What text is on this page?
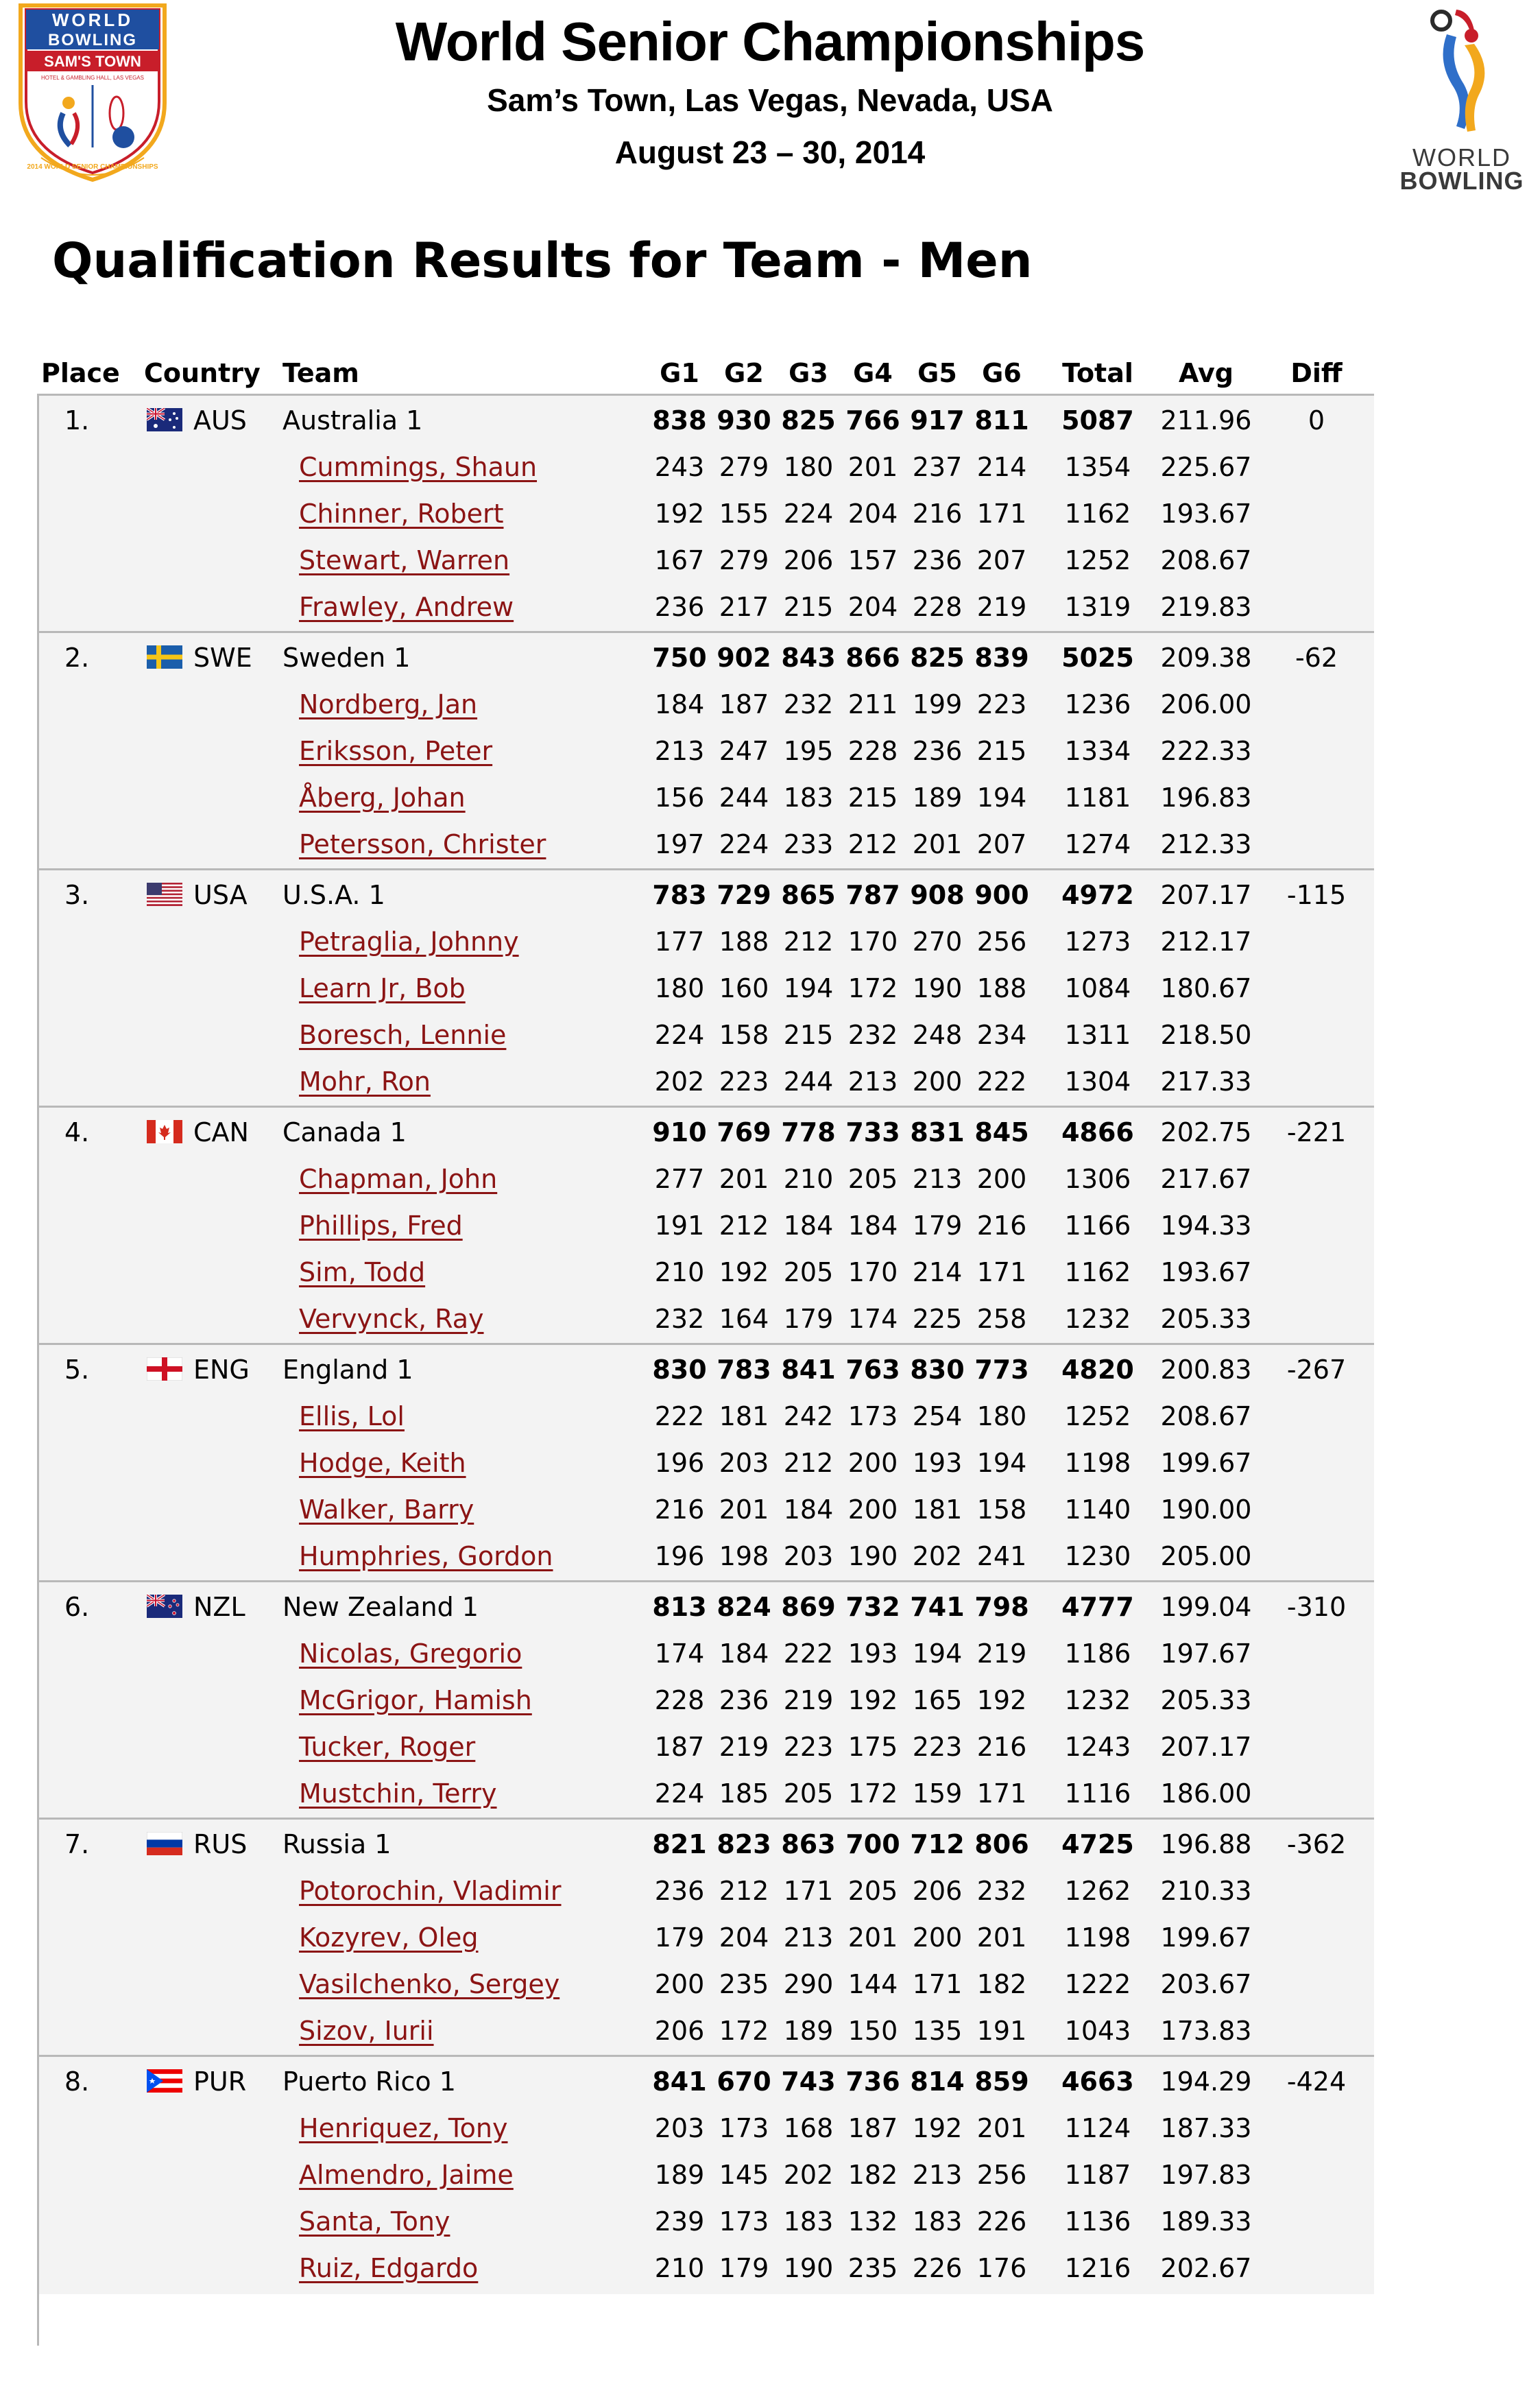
WORLD
BOWLING
SAM'S TOWN
HOTEL & GAMBLING HALL, LAS VEGAS
2014 WORLD SENIOR CHAMPIONSHIPS
World Senior Championships
Sam’s Town, Las Vegas, Nevada, USA
August 23 – 30, 2014	WORLD
BOWLING
Qualification Results for Team - Men
Place Country Team	G1 G2 G3 G4 G5 G6	Total	Avg	Diff
1.	AUS Australia 1	838 930 825 766 917 811	5087	211.96	0
Cummings, Shaun	243 279 180 201 237 214	1354	225.67
Chinner, Robert	192 155 224 204 216 171	1162	193.67
Stewart, Warren	167 279 206 157 236 207	1252	208.67
Frawley, Andrew	236 217 215 204 228 219	1319	219.83
2.	SWE Sweden 1	750 902 843 866 825 839	5025	209.38	-62
Nordberg, Jan	184 187 232 211 199 223	1236	206.00
Eriksson, Peter	213 247 195 228 236 215	1334	222.33
Åberg, Johan	156 244 183 215 189 194	1181	196.83
Petersson, Christer	197 224 233 212 201 207	1274	212.33
3.	USA U.S.A. 1	783 729 865 787 908 900	4972	207.17	-115
Petraglia, Johnny	177 188 212 170 270 256	1273	212.17
Learn Jr, Bob	180 160 194 172 190 188	1084	180.67
Boresch, Lennie	224 158 215 232 248 234	1311	218.50
Mohr, Ron	202 223 244 213 200 222	1304	217.33
4.	CAN Canada 1	910 769 778 733 831 845	4866	202.75	-221
Chapman, John	277 201 210 205 213 200	1306	217.67
Phillips, Fred	191 212 184 184 179 216	1166	194.33
Sim, Todd	210 192 205 170 214 171	1162	193.67
Vervynck, Ray	232 164 179 174 225 258	1232	205.33
5.	ENG England 1	830 783 841 763 830 773	4820	200.83	-267
Ellis, Lol	222 181 242 173 254 180	1252	208.67
Hodge, Keith	196 203 212 200 193 194	1198	199.67
Walker, Barry	216 201 184 200 181 158	1140	190.00
Humphries, Gordon	196 198 203 190 202 241	1230	205.00
6.	NZL New Zealand 1	813 824 869 732 741 798	4777	199.04	-310
Nicolas, Gregorio	174 184 222 193 194 219	1186	197.67
McGrigor, Hamish	228 236 219 192 165 192	1232	205.33
Tucker, Roger	187 219 223 175 223 216	1243	207.17
Mustchin, Terry	224 185 205 172 159 171	1116	186.00
7.	RUS Russia 1	821 823 863 700 712 806	4725	196.88	-362
Potorochin, Vladimir	236 212 171 205 206 232	1262	210.33
Kozyrev, Oleg	179 204 213 201 200 201	1198	199.67
Vasilchenko, Sergey	200 235 290 144 171 182	1222	203.67
Sizov, Iurii	206 172 189 150 135 191	1043	173.83
8.	PUR Puerto Rico 1	841 670 743 736 814 859	4663	194.29	-424
Henriquez, Tony	203 173 168 187 192 201	1124	187.33
Almendro, Jaime	189 145 202 182 213 256	1187	197.83
Santa, Tony	239 173 183 132 183 226	1136	189.33
Ruiz, Edgardo	210 179 190 235 226 176	1216	202.67
